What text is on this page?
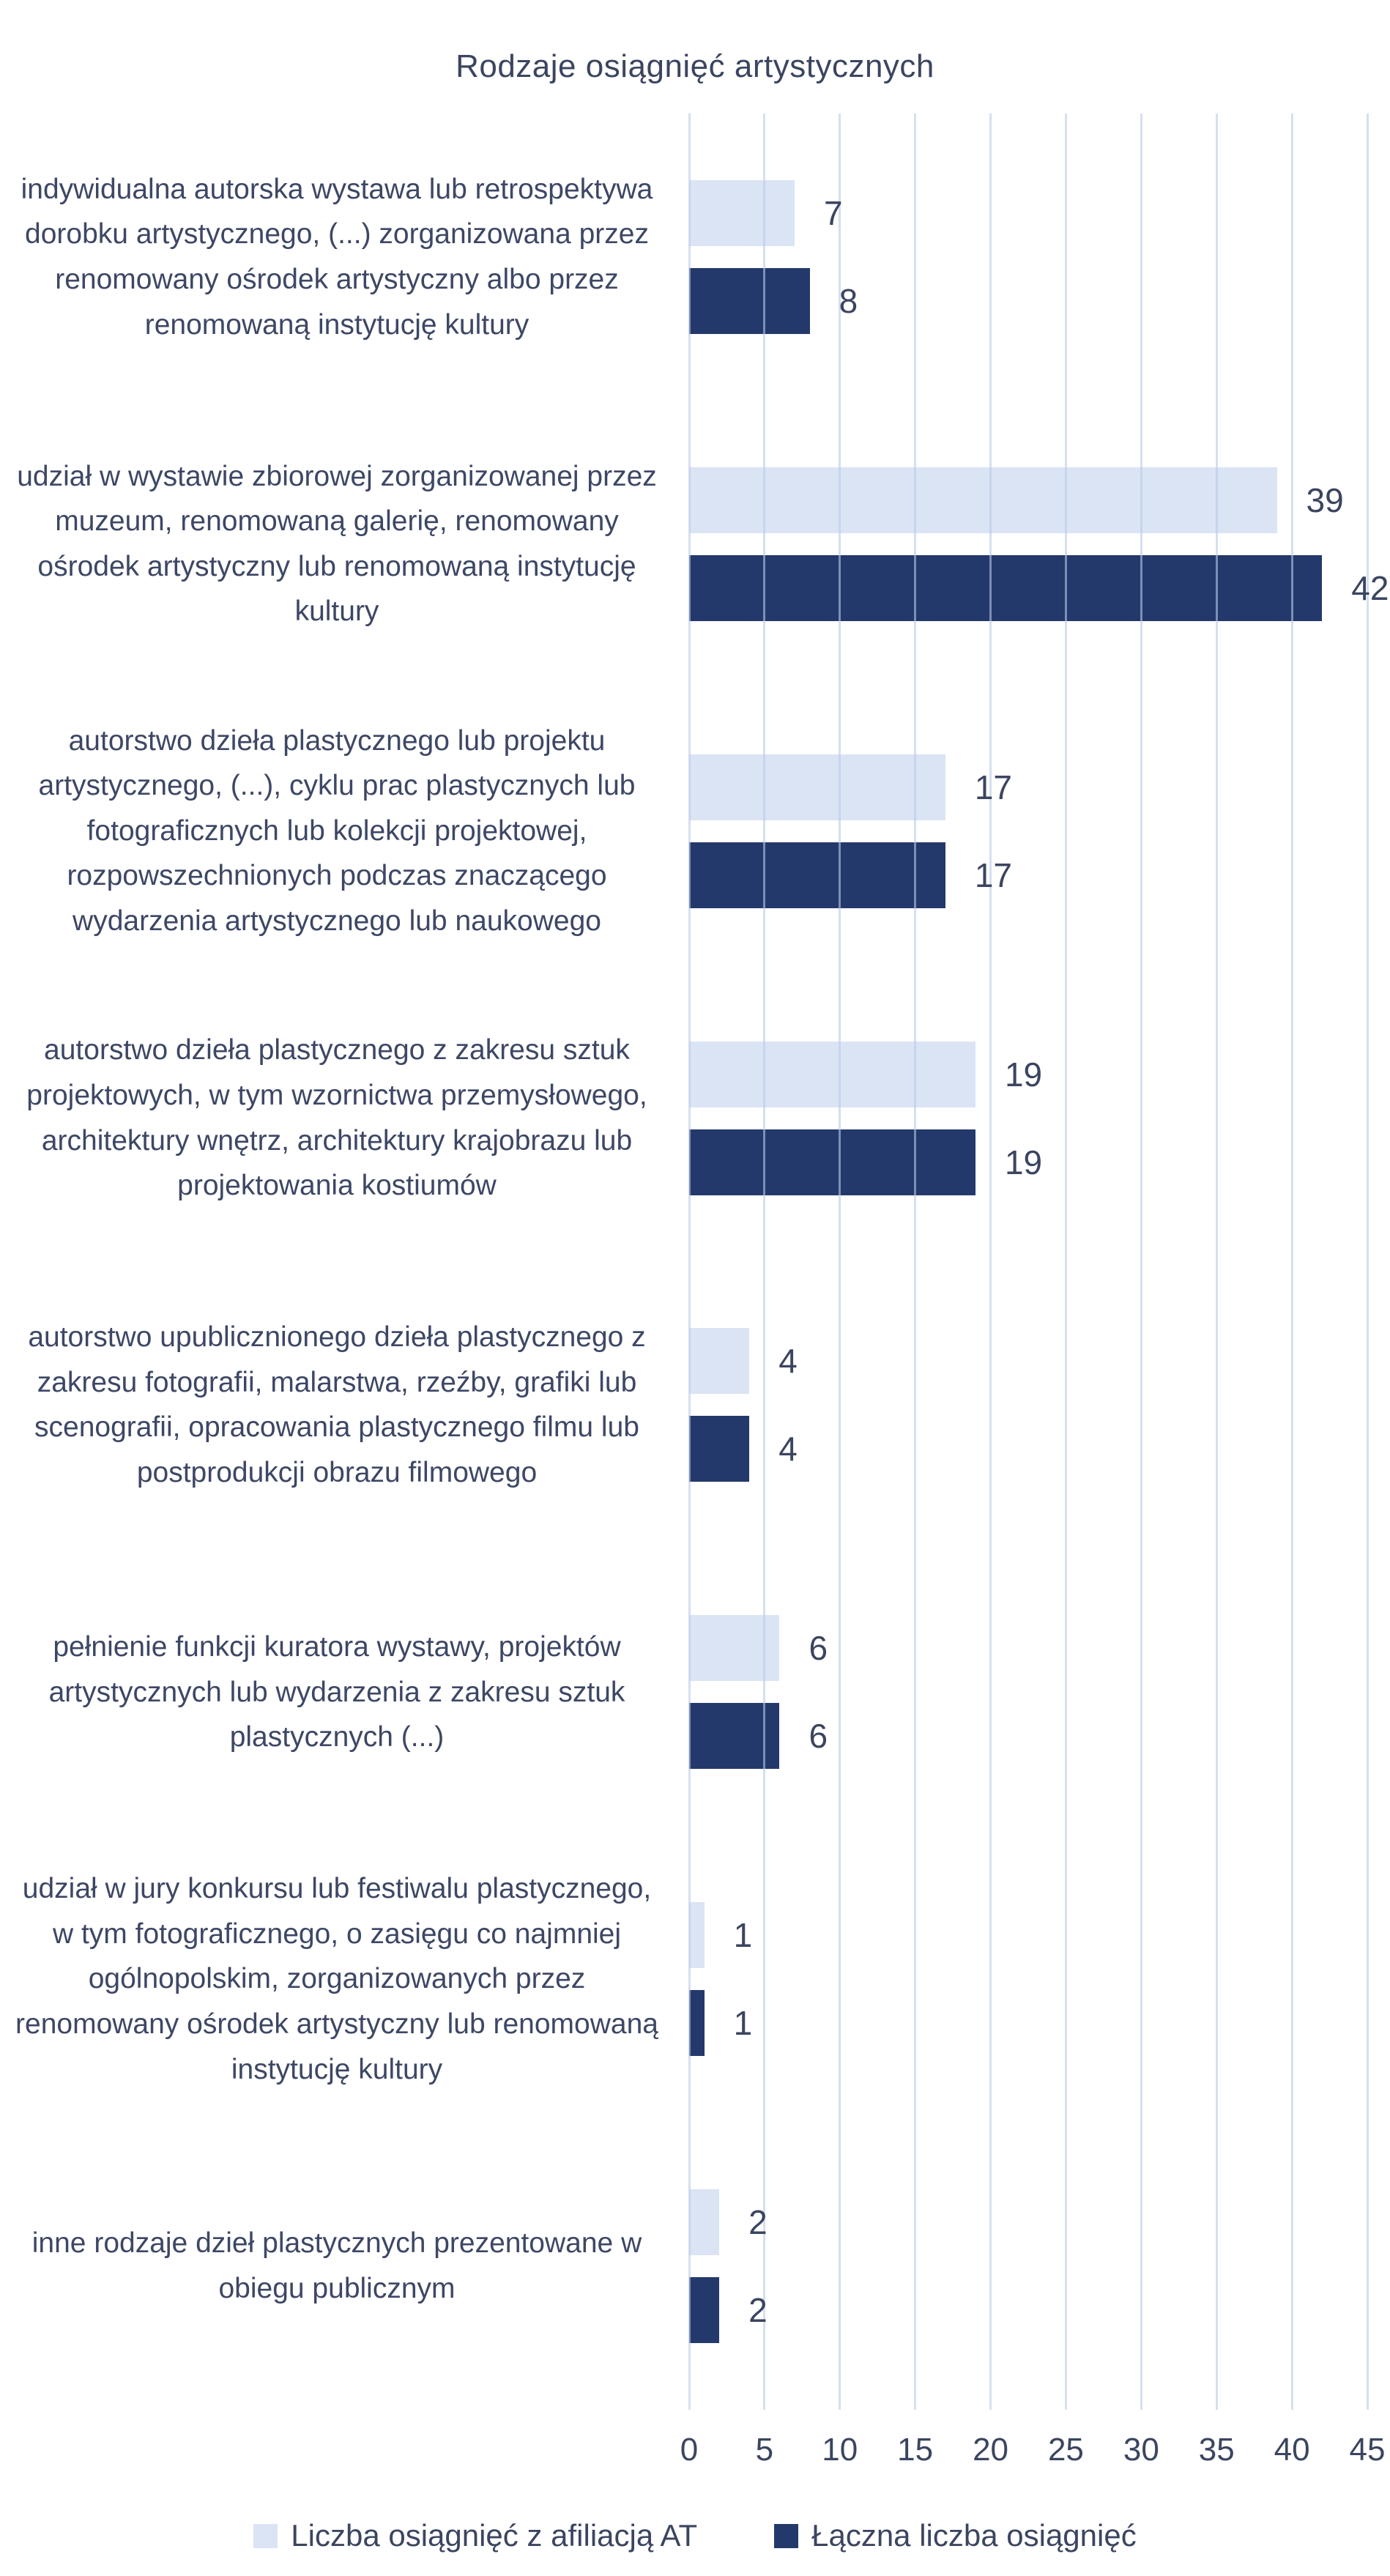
Rodzaje osiągnięć artystycznych
0 5 10 15 20 25 30 35 40 45
Liczba osiągnięć z afiliacją AT	Łączna liczba osiągnięć
indywidualna autorska wystawa lub retrospektywa dorobku artystycznego, (...) zorganizowana przez renomowany ośrodek artystyczny albo przez renomowaną instytucję kultury
7
8
udział w wystawie zbiorowej zorganizowanej przez muzeum, renomowaną galerię, renomowany ośrodek artystyczny lub renomowaną instytucję kultury
39
42
autorstwo dzieła plastycznego lub projektu artystycznego, (...), cyklu prac plastycznych lub fotograficznych lub kolekcji projektowej, rozpowszechnionych podczas znaczącego wydarzenia artystycznego lub naukowego
17
17
autorstwo dzieła plastycznego z zakresu sztuk projektowych, w tym wzornictwa przemysłowego, architektury wnętrz, architektury krajobrazu lub projektowania kostiumów
19
19
autorstwo upublicznionego dzieła plastycznego z zakresu fotografii, malarstwa, rzeźby, grafiki lub scenografii, opracowania plastycznego filmu lub postprodukcji obrazu filmowego
4
4
pełnienie funkcji kuratora wystawy, projektów artystycznych lub wydarzenia z zakresu sztuk plastycznych (...)
6
6
udział w jury konkursu lub festiwalu plastycznego, w tym fotograficznego, o zasięgu co najmniej ogólnopolskim, zorganizowanych przez renomowany ośrodek artystyczny lub renomowaną instytucję kultury
1
1
inne rodzaje dzieł plastycznych prezentowane w obiegu publicznym
2
2
